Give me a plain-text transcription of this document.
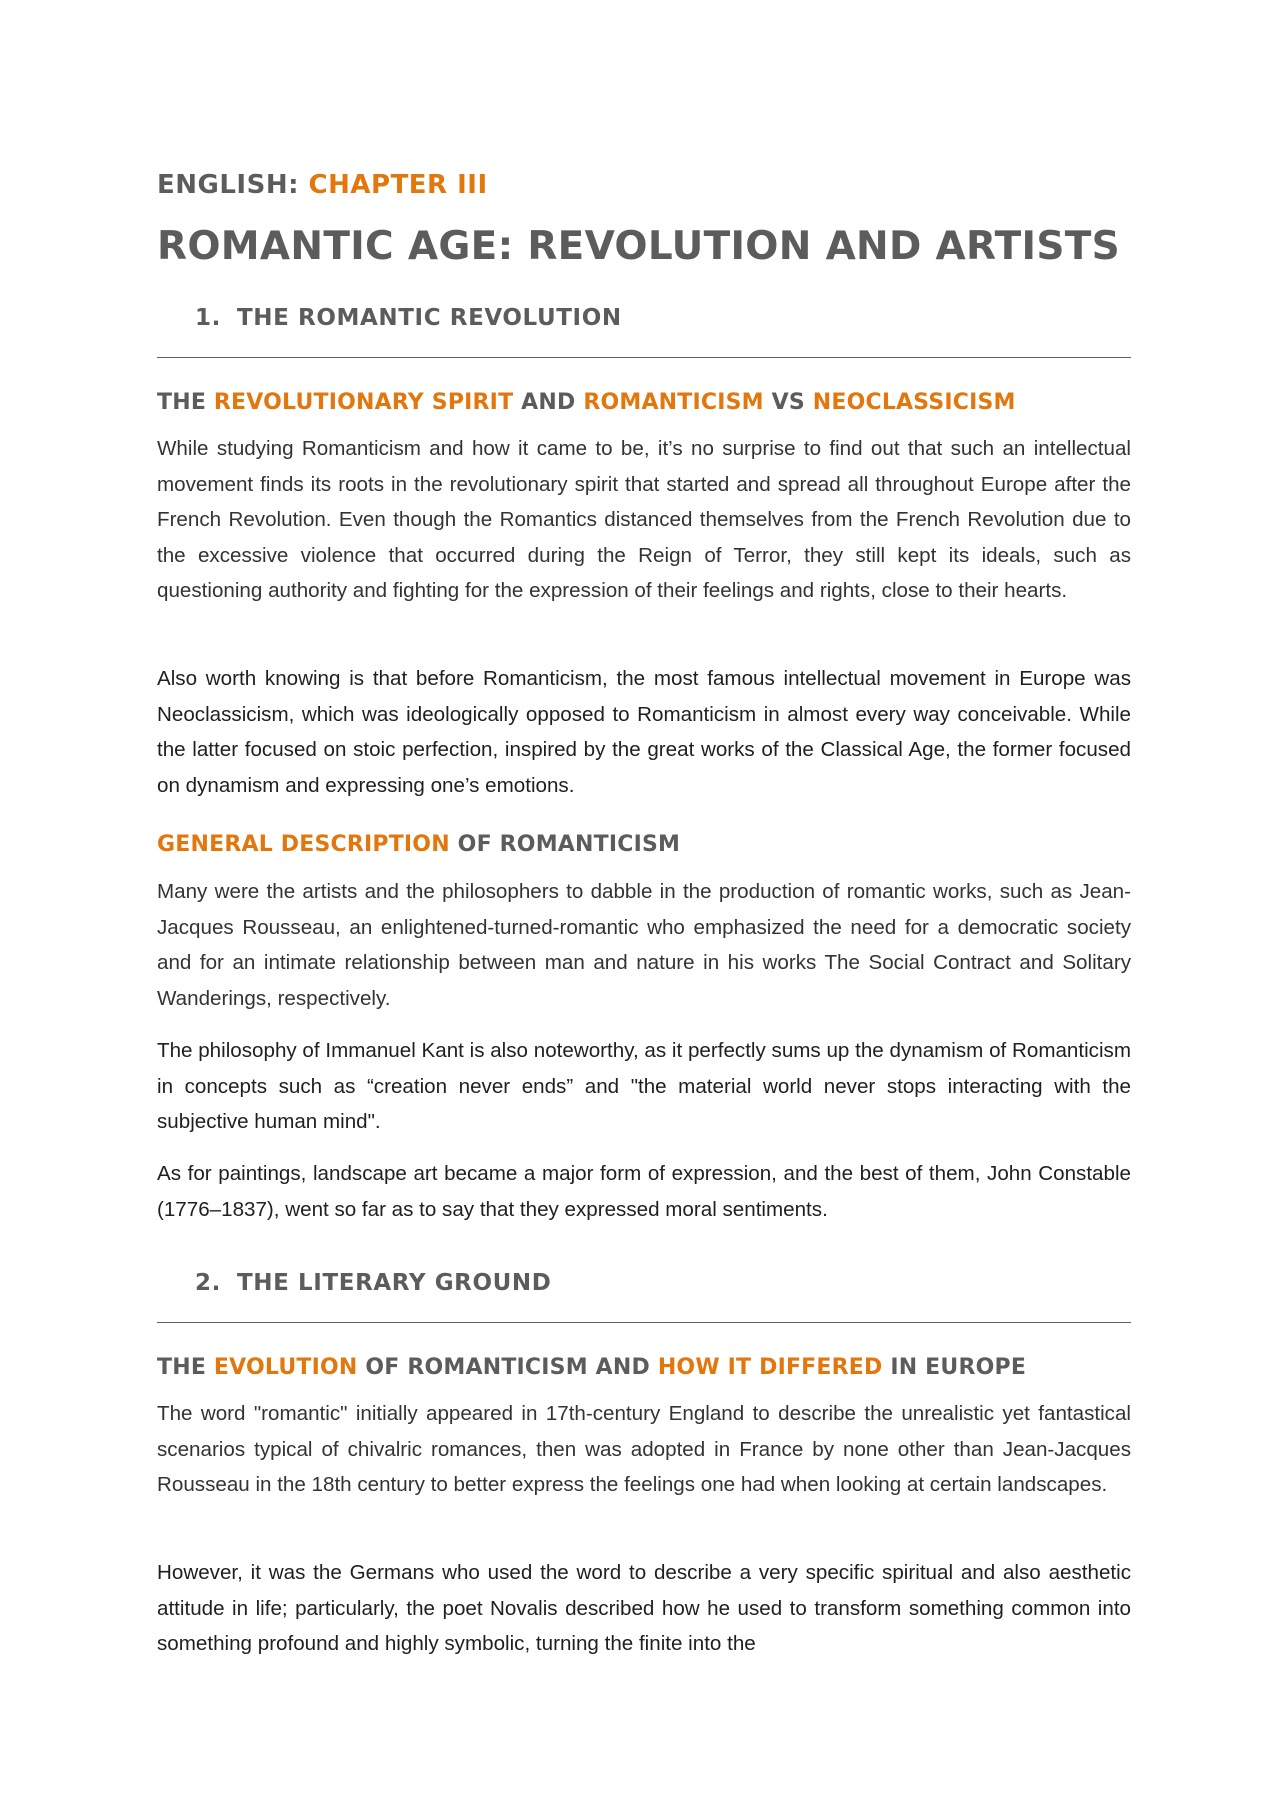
ENGLISH: CHAPTER III
ROMANTIC AGE: REVOLUTION AND ARTISTS
1. THE ROMANTIC REVOLUTION
THE REVOLUTIONARY SPIRIT AND ROMANTICISM VS NEOCLASSICISM

While studying Romanticism and how it came to be, it’s no surprise to find out that such an intellectual movement finds its roots in the revolutionary spirit that started and spread all throughout Europe after the French Revolution. Even though the Romantics distanced themselves from the French Revolution due to the excessive violence that occurred during the Reign of Terror, they still kept its ideals, such as questioning authority and fighting for the expression of their feelings and rights, close to their hearts.

Also worth knowing is that before Romanticism, the most famous intellectual movement in Europe was Neoclassicism, which was ideologically opposed to Romanticism in almost every way conceivable. While the latter focused on stoic perfection, inspired by the great works of the Classical Age, the former focused on dynamism and expressing one’s emotions.

GENERAL DESCRIPTION OF ROMANTICISM

Many were the artists and the philosophers to dabble in the production of romantic works, such as Jean-Jacques Rousseau, an enlightened-turned-romantic who emphasized the need for a democratic society and for an intimate relationship between man and nature in his works The Social Contract and Solitary Wanderings, respectively.

The philosophy of Immanuel Kant is also noteworthy, as it perfectly sums up the dynamism of Romanticism in concepts such as “creation never ends” and "the material world never stops interacting with the subjective human mind".

As for paintings, landscape art became a major form of expression, and the best of them, John Constable (1776–1837), went so far as to say that they expressed moral sentiments.

2. THE LITERARY GROUND
THE EVOLUTION OF ROMANTICISM AND HOW IT DIFFERED IN EUROPE

The word "romantic" initially appeared in 17th-century England to describe the unrealistic yet fantastical scenarios typical of chivalric romances, then was adopted in France by none other than Jean-Jacques Rousseau in the 18th century to better express the feelings one had when looking at certain landscapes.

However, it was the Germans who used the word to describe a very specific spiritual and also aesthetic attitude in life; particularly, the poet Novalis described how he used to transform something common into something profound and highly symbolic, turning the finite into the
